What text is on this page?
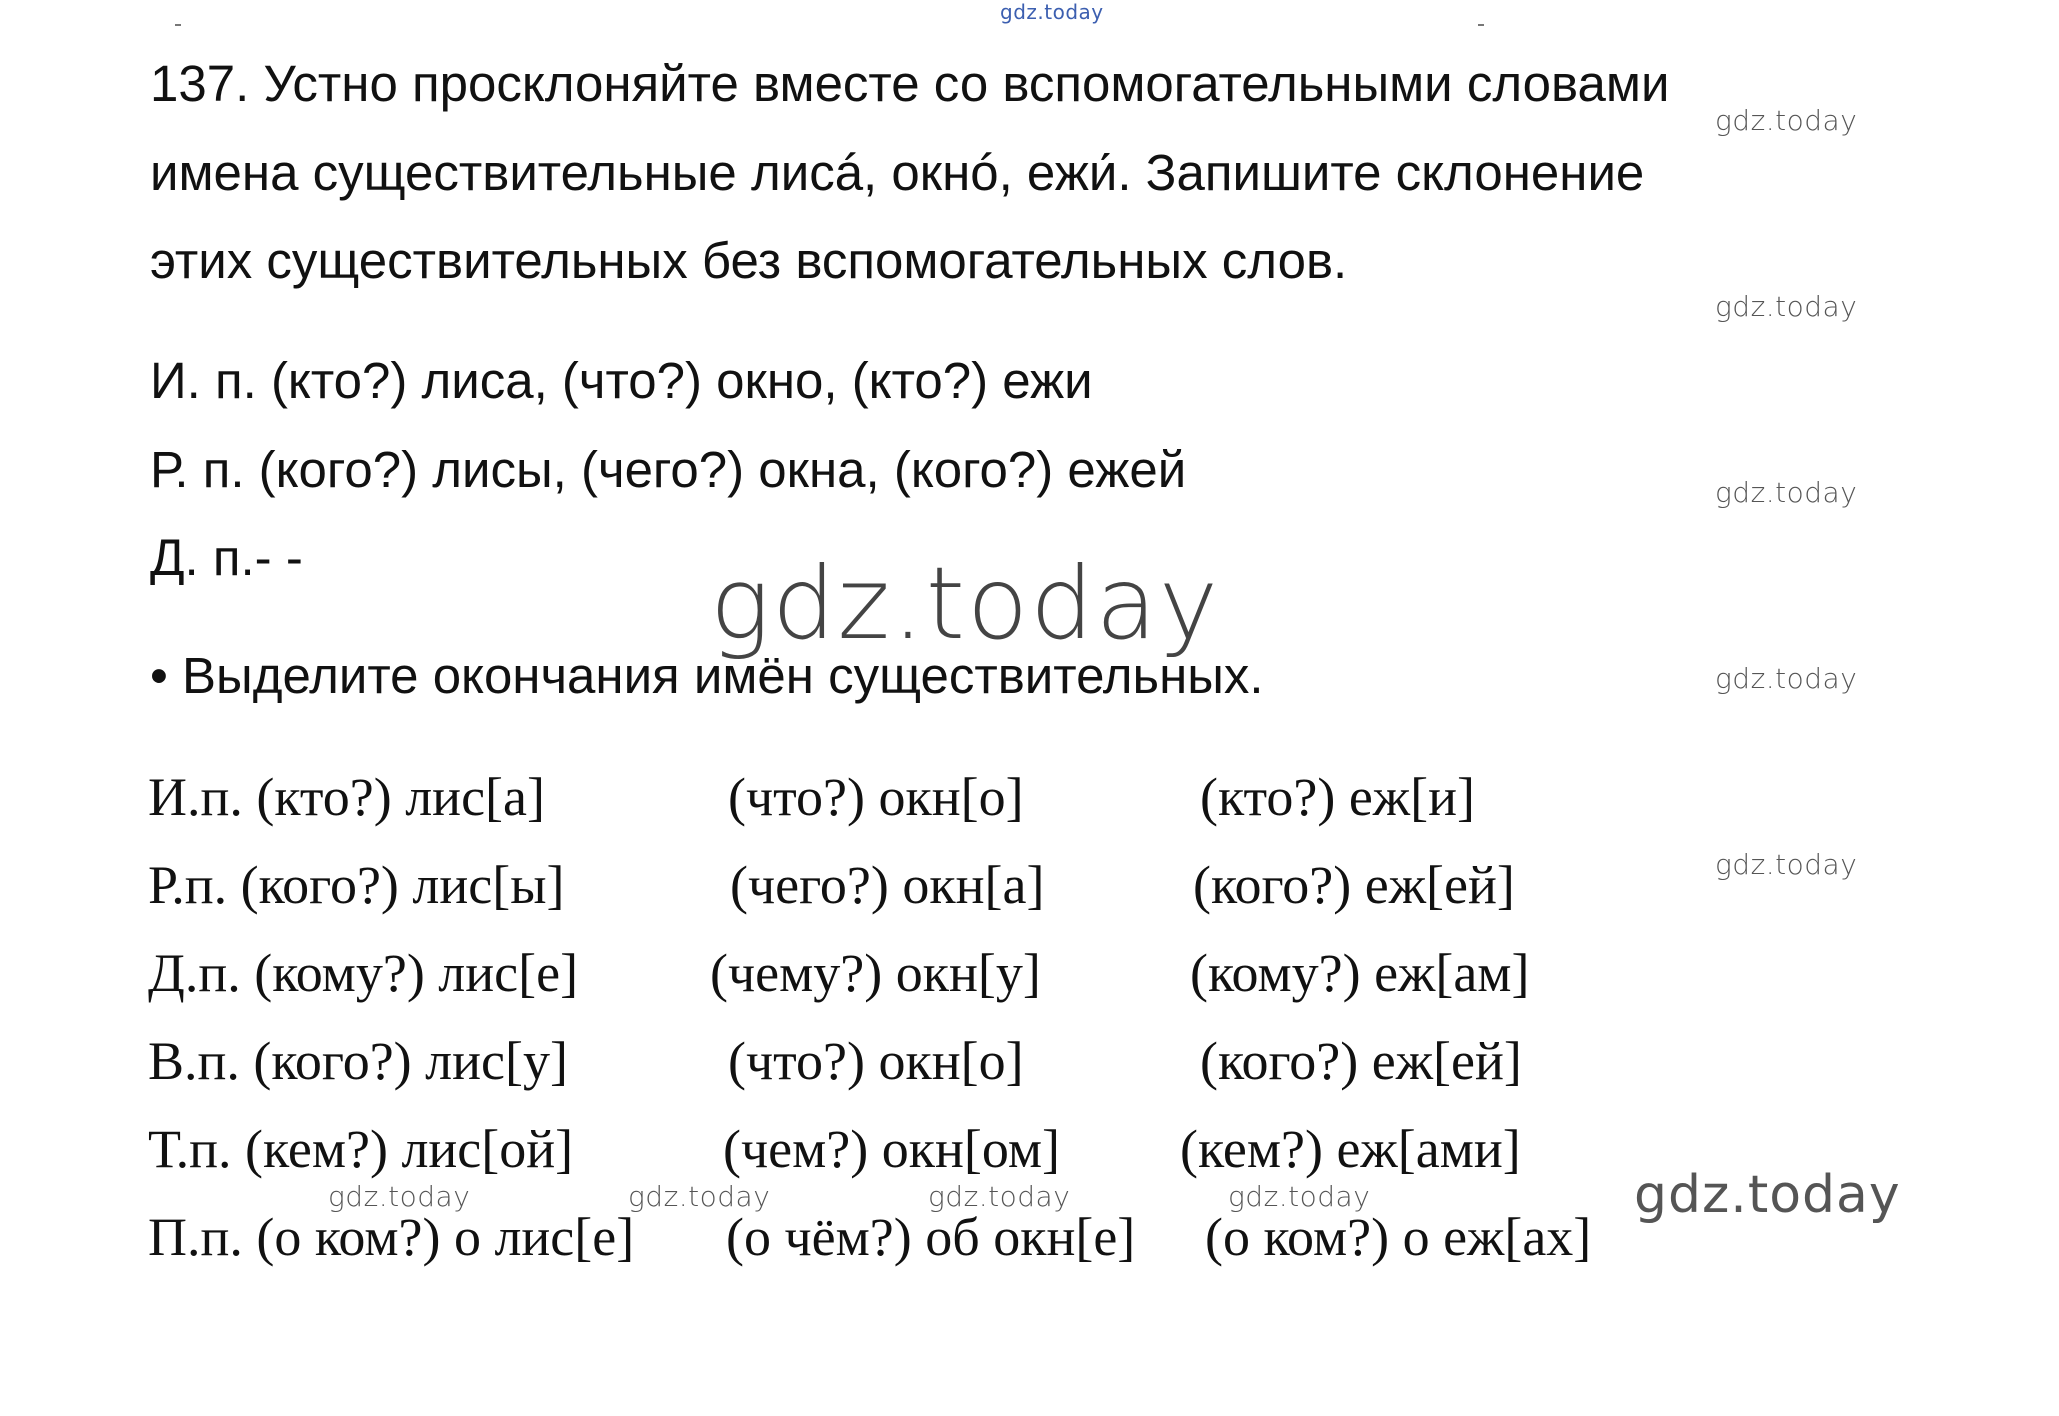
gdz.today
137. Устно просклоняйте вместе со вспомогательными словами
gdz.today
имена существительные лисá, окнó, ежи́. Запишите склонение
этих существительных без вспомогательных слов.
gdz.today
И. п. (кто?) лиса, (что?) окно, (кто?) ежи
Р. п. (кого?) лисы, (чего?) окна, (кого?) ежей	gdz.today
Д. п.- -	gdz.today
• Выделите окончания имён существительных.	gdz.today
И.п. (кто?) лис[а]	(что?) окн[о]	(кто?) еж[и]
gdz.today
Р.п. (кого?) лис[ы]	(чего?) окн[а]	(кого?) еж[ей]
Д.п. (кому?) лис[е] (чему?) окн[у]	(кому?) еж[ам]
В.п. (кого?) лис[у]	(что?) окн[о]	(кого?) еж[ей]
Т.п. (кем?) лис[ой]	(чем?) окн[ом] (кем?) еж[ами]
gdz.today	gdz.today	gdz.today	gdz.today	gdz.today
П.п. (о ком?) о лис[е] (о чём?) об окн[е] (о ком?) о еж[ах]
